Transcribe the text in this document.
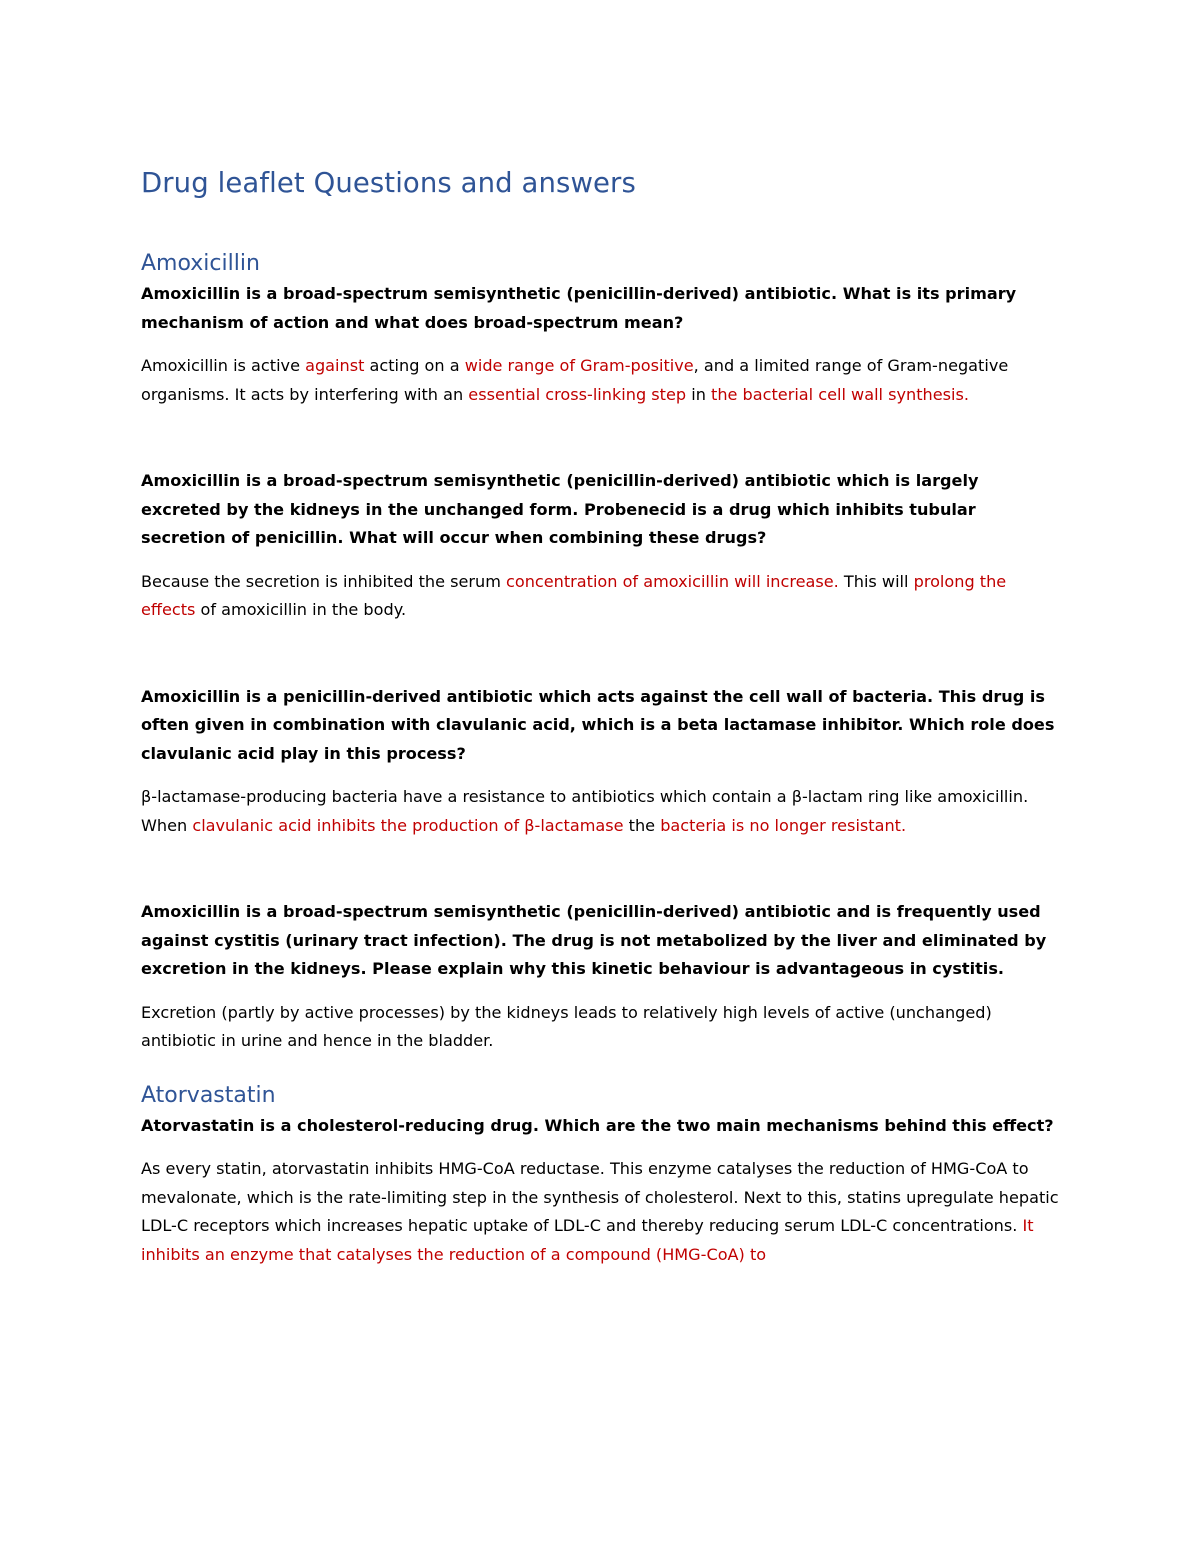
Drug leaflet Questions and answers
Amoxicillin

Amoxicillin is a broad-spectrum semisynthetic (penicillin-derived) antibiotic. What is its primary mechanism of action and what does broad-spectrum mean?

Amoxicillin is active against acting on a wide range of Gram-positive, and a limited range of Gram-negative organisms. It acts by interfering with an essential cross-linking step in the bacterial cell wall synthesis.

Amoxicillin is a broad-spectrum semisynthetic (penicillin-derived) antibiotic which is largely excreted by the kidneys in the unchanged form. Probenecid is a drug which inhibits tubular secretion of penicillin. What will occur when combining these drugs?

Because the secretion is inhibited the serum concentration of amoxicillin will increase. This will prolong the effects of amoxicillin in the body.

Amoxicillin is a penicillin-derived antibiotic which acts against the cell wall of bacteria. This drug is often given in combination with clavulanic acid, which is a beta lactamase inhibitor. Which role does clavulanic acid play in this process?

β-lactamase-producing bacteria have a resistance to antibiotics which contain a β-lactam ring like amoxicillin. When clavulanic acid inhibits the production of β-lactamase the bacteria is no longer resistant.

Amoxicillin is a broad-spectrum semisynthetic (penicillin-derived) antibiotic and is frequently used against cystitis (urinary tract infection). The drug is not metabolized by the liver and eliminated by excretion in the kidneys. Please explain why this kinetic behaviour is advantageous in cystitis.

Excretion (partly by active processes) by the kidneys leads to relatively high levels of active (unchanged) antibiotic in urine and hence in the bladder.

Atorvastatin

Atorvastatin is a cholesterol-reducing drug. Which are the two main mechanisms behind this effect?

As every statin, atorvastatin inhibits HMG-CoA reductase. This enzyme catalyses the reduction of HMG-CoA to mevalonate, which is the rate-limiting step in the synthesis of cholesterol. Next to this, statins upregulate hepatic LDL-C receptors which increases hepatic uptake of LDL-C and thereby reducing serum LDL-C concentrations. It inhibits an enzyme that catalyses the reduction of a compound (HMG-CoA) to
